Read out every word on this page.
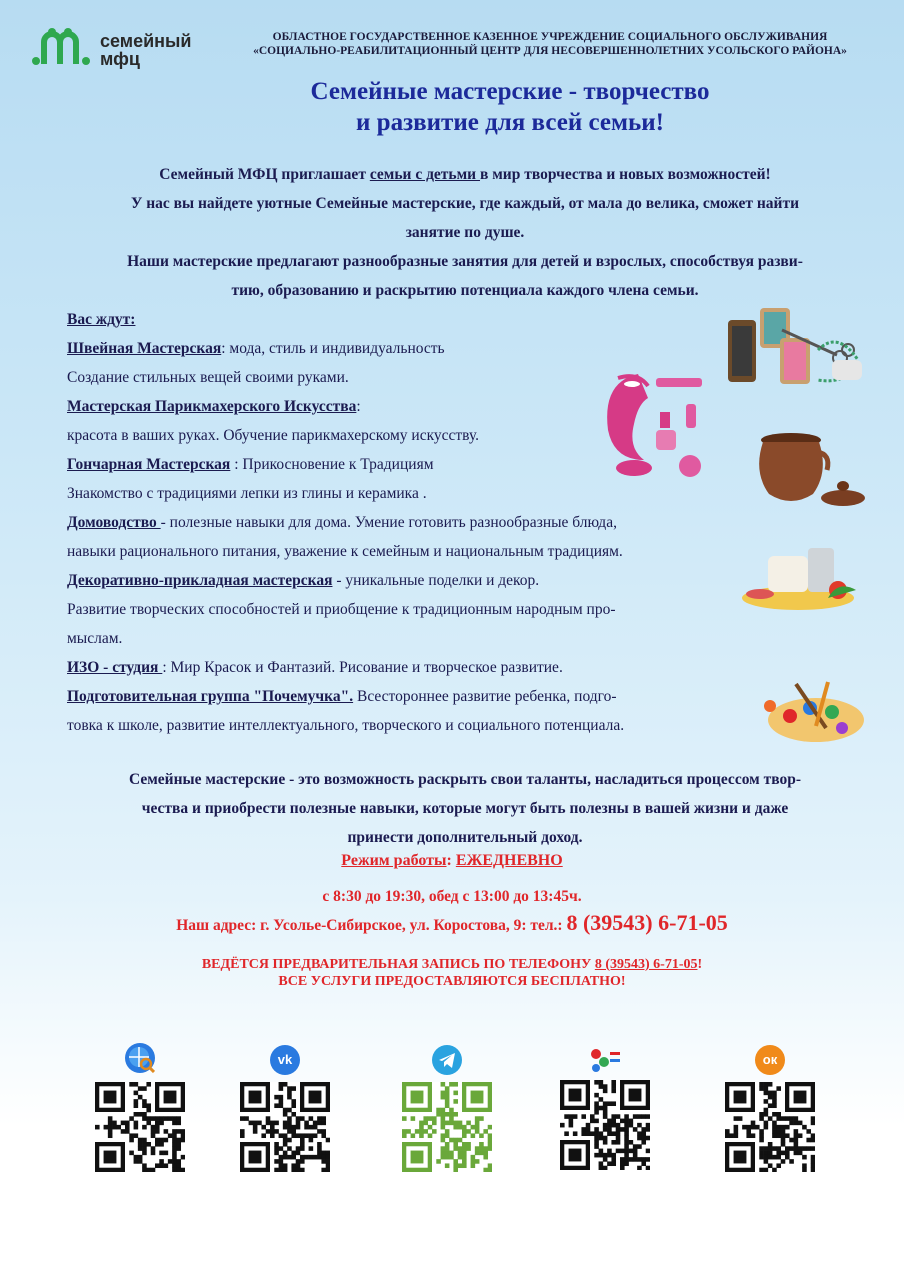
семейный
мфц
ОБЛАСТНОЕ ГОСУДАРСТВЕННОЕ КАЗЕННОЕ УЧРЕЖДЕНИЕ СОЦИАЛЬНОГО ОБСЛУЖИВАНИЯ
«СОЦИАЛЬНО-РЕАБИЛИТАЦИОННЫЙ ЦЕНТР ДЛЯ НЕСОВЕРШЕННОЛЕТНИХ УСОЛЬСКОГО РАЙОНА»
Семейные мастерские - творчество
и развитие для всей семьи!
Семейный МФЦ приглашает семьи с детьми в мир творчества и новых возможностей!
У нас вы найдете уютные Семейные мастерские, где каждый, от мала до велика, сможет найти
занятие по душе.
Наши мастерские предлагают разнообразные занятия для детей и взрослых, способствуя разви-
тию, образованию и раскрытию потенциала каждого члена семьи.
Вас ждут:
Швейная Мастерская: мода, стиль и индивидуальность
Создание стильных вещей своими руками.
Мастерская Парикмахерского Искусства:
красота в ваших руках. Обучение парикмахерскому искусству.
Гончарная Мастерская : Прикосновение к Традициям
Знакомство с традициями лепки из глины и керамика .
Домоводство - полезные навыки для дома. Умение готовить разнообразные блюда,
навыки рационального питания, уважение к семейным и национальным традициям.
Декоративно-прикладная мастерская - уникальные поделки и декор.
Развитие творческих способностей и приобщение к традиционным народным про-
мыслам.
ИЗО - студия : Мир Красок и Фантазий. Рисование и творческое развитие.
Подготовительная группа "Почемучка". Всестороннее развитие ребенка, подго-
товка к школе, развитие интеллектуального, творческого и социального потенциала.
Семейные мастерские - это возможность раскрыть свои таланты, насладиться процессом твор-
чества и приобрести полезные навыки, которые могут быть полезны в вашей жизни и даже
принести дополнительный доход.
Режим работы: ЕЖЕДНЕВНО
с 8:30 до 19:30, обед с 13:00 до 13:45ч.
Наш адрес: г. Усолье-Сибирское, ул. Коростова, 9: тел.: 8 (39543) 6-71-05
ВЕДЁТСЯ ПРЕДВАРИТЕЛЬНАЯ ЗАПИСЬ ПО ТЕЛЕФОНУ 8 (39543) 6-71-05!
ВСЕ УСЛУГИ ПРЕДОСТАВЛЯЮТСЯ БЕСПЛАТНО!
vk	ок
